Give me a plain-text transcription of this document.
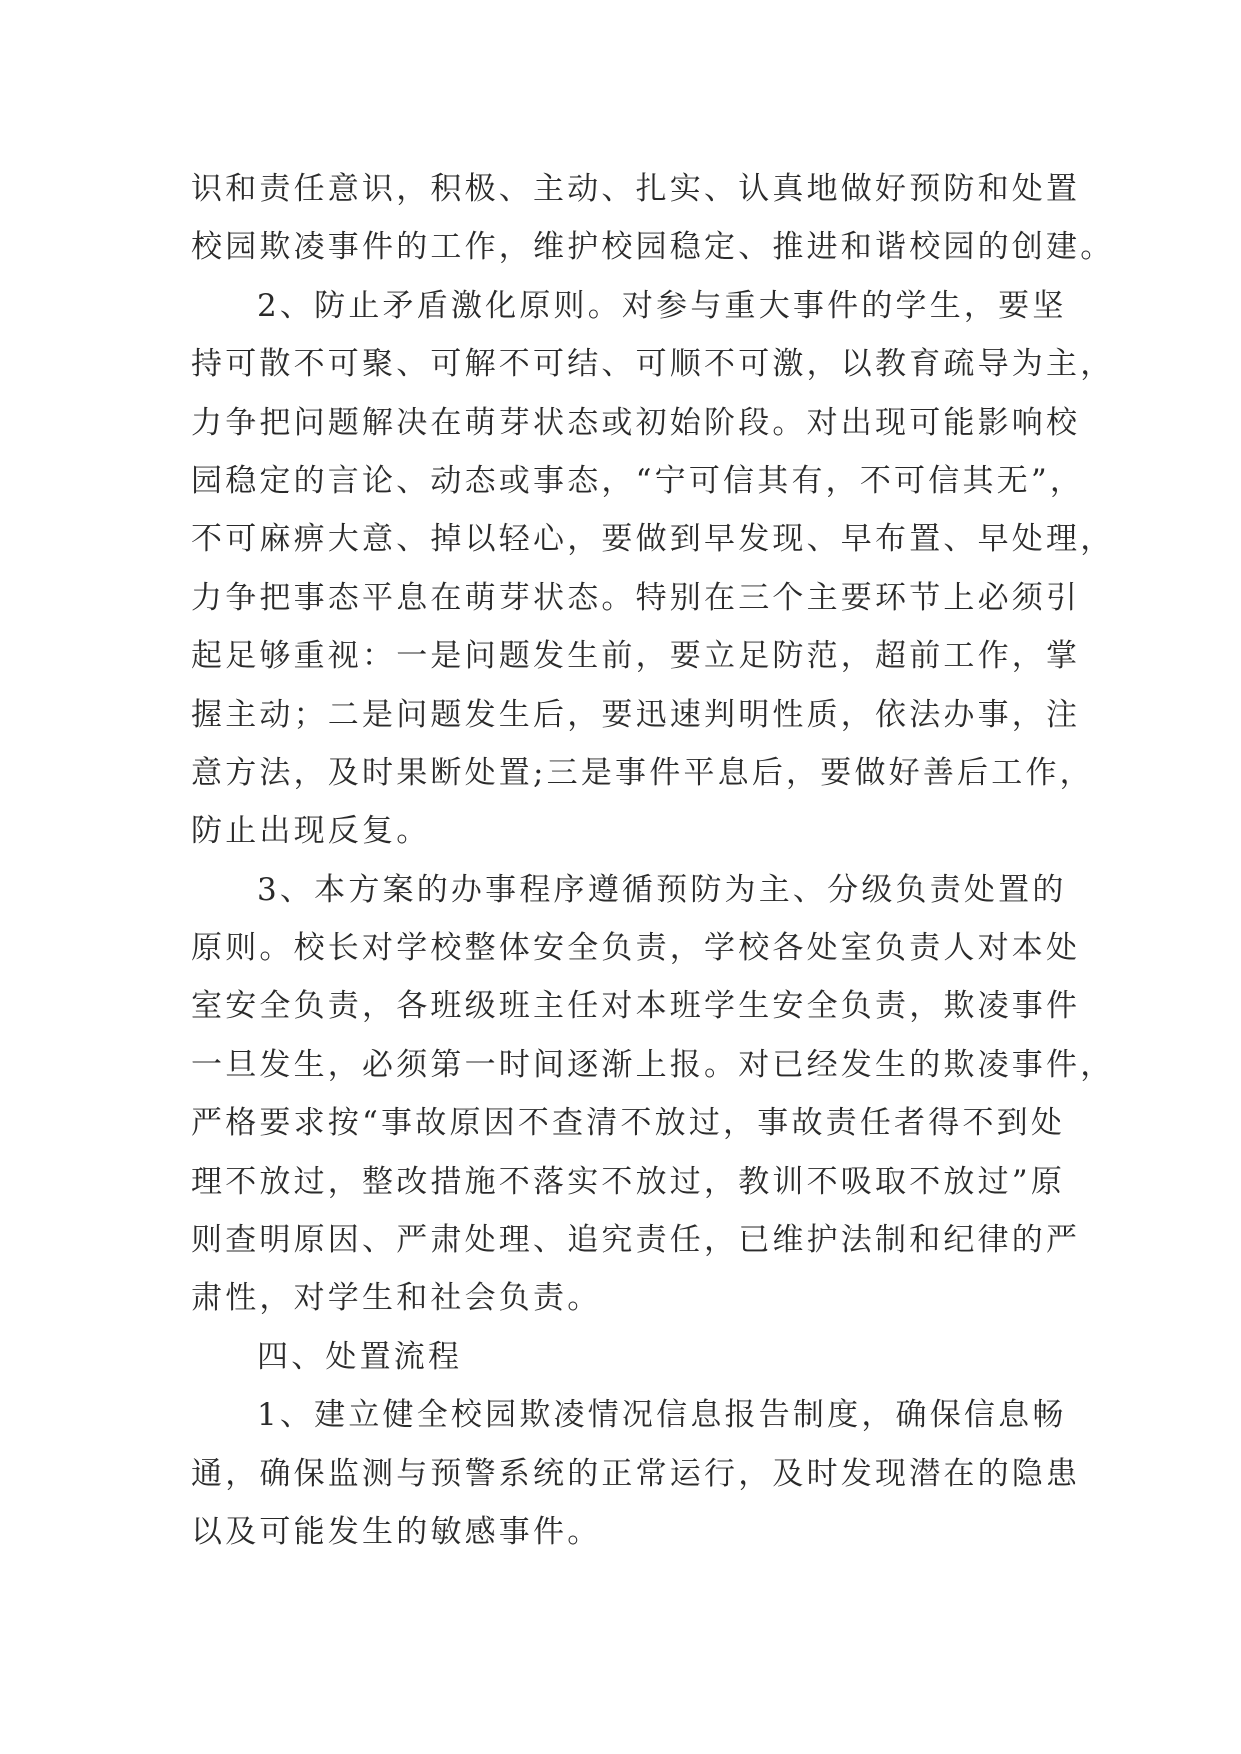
识和责任意识，积极、主动、扎实、认真地做好预防和处置
校园欺凌事件的工作，维护校园稳定、推进和谐校园的创建。
2、防止矛盾激化原则。对参与重大事件的学生，要坚
持可散不可聚、可解不可结、可顺不可激，以教育疏导为主，
力争把问题解决在萌芽状态或初始阶段。对出现可能影响校
园稳定的言论、动态或事态，“宁可信其有，不可信其无”，
不可麻痹大意、掉以轻心，要做到早发现、早布置、早处理，
力争把事态平息在萌芽状态。特别在三个主要环节上必须引
起足够重视：一是问题发生前，要立足防范，超前工作，掌
握主动；二是问题发生后，要迅速判明性质，依法办事，注
意方法，及时果断处置;三是事件平息后，要做好善后工作，
防止出现反复。
3、本方案的办事程序遵循预防为主、分级负责处置的
原则。校长对学校整体安全负责，学校各处室负责人对本处
室安全负责，各班级班主任对本班学生安全负责，欺凌事件
一旦发生，必须第一时间逐渐上报。对已经发生的欺凌事件，
严格要求按“事故原因不查清不放过，事故责任者得不到处
理不放过，整改措施不落实不放过，教训不吸取不放过”原
则查明原因、严肃处理、追究责任，已维护法制和纪律的严
肃性，对学生和社会负责。
四、处置流程
1、建立健全校园欺凌情况信息报告制度，确保信息畅
通，确保监测与预警系统的正常运行，及时发现潜在的隐患
以及可能发生的敏感事件。
